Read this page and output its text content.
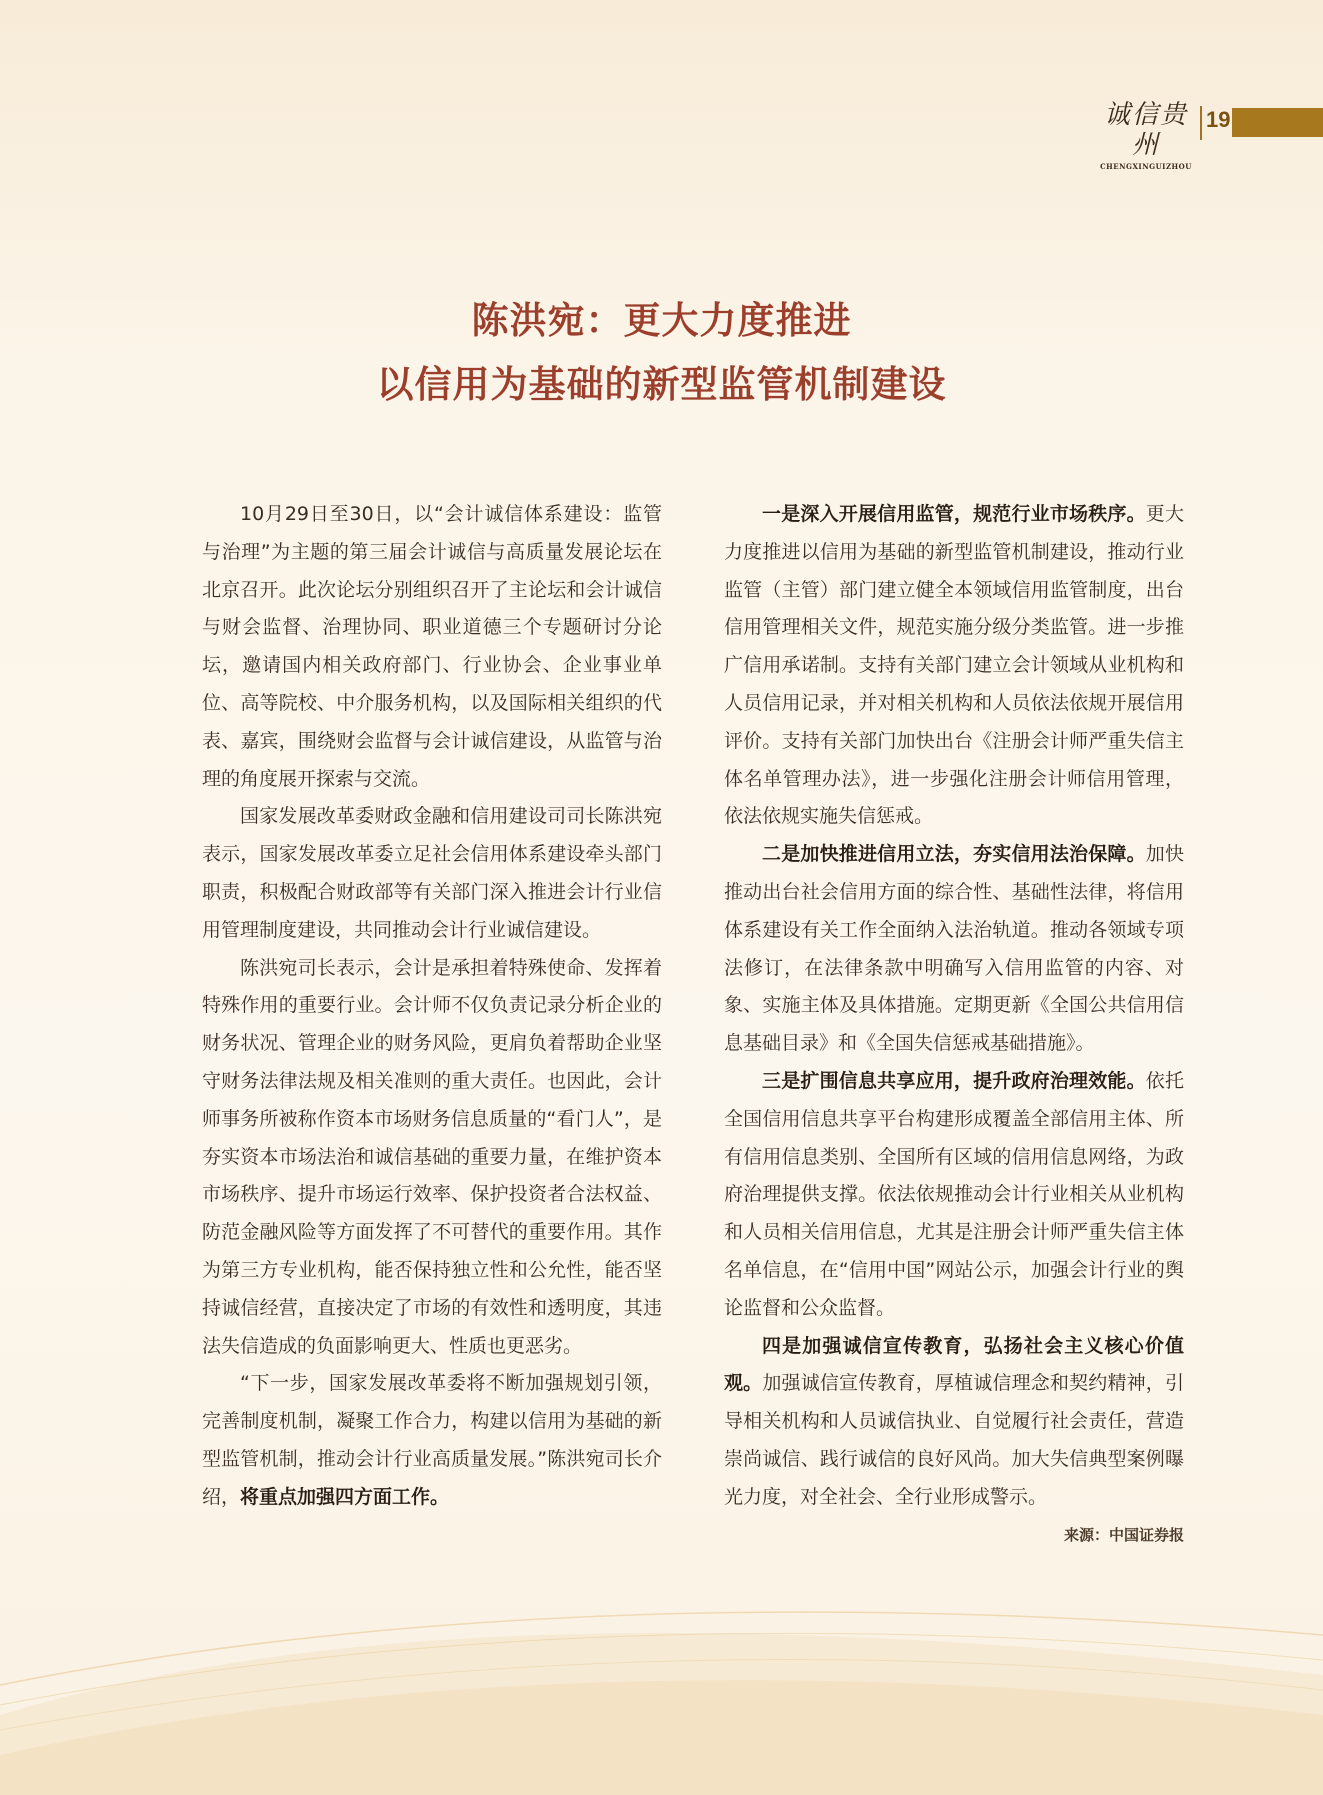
诚信贵州
CHENGXINGUIZHOU
19
陈洪宛：更大力度推进
以信用为基础的新型监管机制建设

10月29日至30日，以“会计诚信体系建设：监管与治理”为主题的第三届会计诚信与高质量发展论坛在北京召开。此次论坛分别组织召开了主论坛和会计诚信与财会监督、治理协同、职业道德三个专题研讨分论坛，邀请国内相关政府部门、行业协会、企业事业单位、高等院校、中介服务机构，以及国际相关组织的代表、嘉宾，围绕财会监督与会计诚信建设，从监管与治理的角度展开探索与交流。

国家发展改革委财政金融和信用建设司司长陈洪宛表示，国家发展改革委立足社会信用体系建设牵头部门职责，积极配合财政部等有关部门深入推进会计行业信用管理制度建设，共同推动会计行业诚信建设。

陈洪宛司长表示，会计是承担着特殊使命、发挥着特殊作用的重要行业。会计师不仅负责记录分析企业的财务状况、管理企业的财务风险，更肩负着帮助企业坚守财务法律法规及相关准则的重大责任。也因此，会计师事务所被称作资本市场财务信息质量的“看门人”，是夯实资本市场法治和诚信基础的重要力量，在维护资本市场秩序、提升市场运行效率、保护投资者合法权益、防范金融风险等方面发挥了不可替代的重要作用。其作为第三方专业机构，能否保持独立性和公允性，能否坚持诚信经营，直接决定了市场的有效性和透明度，其违法失信造成的负面影响更大、性质也更恶劣。

“下一步，国家发展改革委将不断加强规划引领，完善制度机制，凝聚工作合力，构建以信用为基础的新型监管机制，推动会计行业高质量发展。”陈洪宛司长介绍，将重点加强四方面工作。

一是深入开展信用监管，规范行业市场秩序。更大力度推进以信用为基础的新型监管机制建设，推动行业监管（主管）部门建立健全本领域信用监管制度，出台信用管理相关文件，规范实施分级分类监管。进一步推广信用承诺制。支持有关部门建立会计领域从业机构和人员信用记录，并对相关机构和人员依法依规开展信用评价。支持有关部门加快出台《注册会计师严重失信主体名单管理办法》，进一步强化注册会计师信用管理，依法依规实施失信惩戒。

二是加快推进信用立法，夯实信用法治保障。加快推动出台社会信用方面的综合性、基础性法律，将信用体系建设有关工作全面纳入法治轨道。推动各领域专项法修订，在法律条款中明确写入信用监管的内容、对象、实施主体及具体措施。定期更新《全国公共信用信息基础目录》和《全国失信惩戒基础措施》。

三是扩围信息共享应用，提升政府治理效能。依托全国信用信息共享平台构建形成覆盖全部信用主体、所有信用信息类别、全国所有区域的信用信息网络，为政府治理提供支撑。依法依规推动会计行业相关从业机构和人员相关信用信息，尤其是注册会计师严重失信主体名单信息，在“信用中国”网站公示，加强会计行业的舆论监督和公众监督。

四是加强诚信宣传教育，弘扬社会主义核心价值观。加强诚信宣传教育，厚植诚信理念和契约精神，引导相关机构和人员诚信执业、自觉履行社会责任，营造崇尚诚信、践行诚信的良好风尚。加大失信典型案例曝光力度，对全社会、全行业形成警示。

来源：中国证券报
